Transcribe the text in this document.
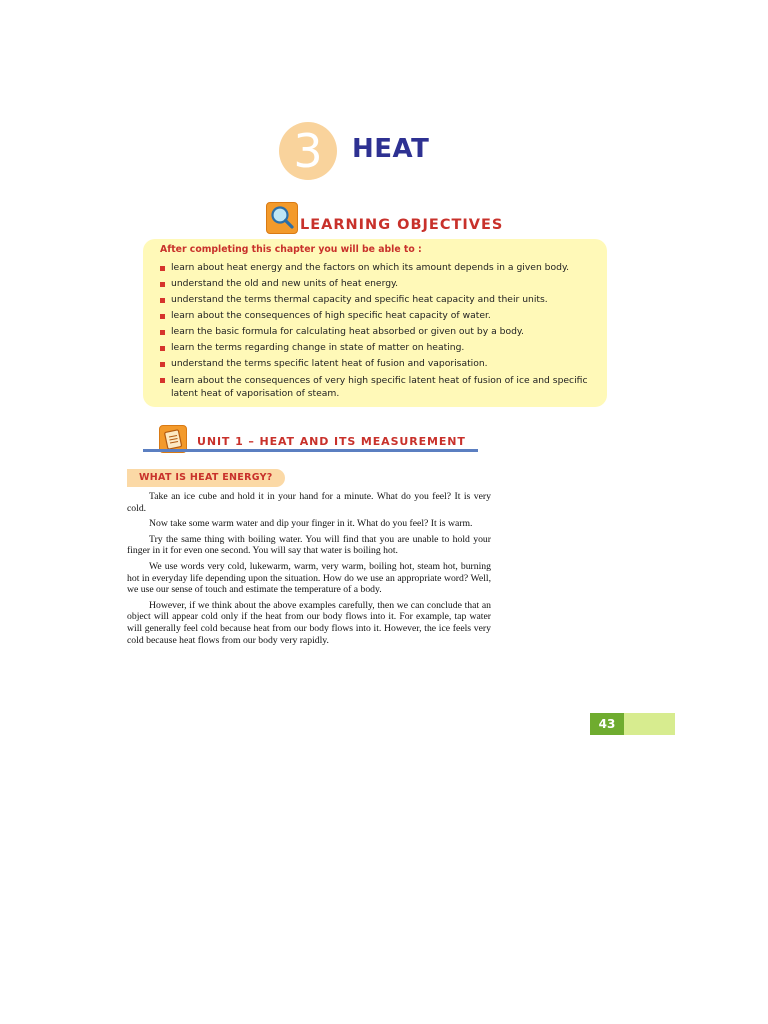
3	HEAT
LEARNING OBJECTIVES

After completing this chapter you will be able to :

learn about heat energy and the factors on which its amount depends in a given body.
understand the old and new units of heat energy.
understand the terms thermal capacity and specific heat capacity and their units.
learn about the consequences of high specific heat capacity of water.
learn the basic formula for calculating heat absorbed or given out by a body.
learn the terms regarding change in state of matter on heating.
understand the terms specific latent heat of fusion and vaporisation.
learn about the consequences of very high specific latent heat of fusion of ice and specific latent heat of vaporisation of steam.
UNIT 1 – HEAT AND ITS MEASUREMENT
WHAT IS HEAT ENERGY?

Take an ice cube and hold it in your hand for a minute. What do you feel? It is very cold.

Now take some warm water and dip your finger in it. What do you feel? It is warm.

Try the same thing with boiling water. You will find that you are unable to hold your finger in it for even one second. You will say that water is boiling hot.

We use words very cold, lukewarm, warm, very warm, boiling hot, steam hot, burning hot in everyday life depending upon the situation. How do we use an appropriate word? Well, we use our sense of touch and estimate the temperature of a body.

However, if we think about the above examples carefully, then we can conclude that an object will appear cold only if the heat from our body flows into it. For example, tap water will generally feel cold because heat from our body flows into it. However, the ice feels very cold because heat flows from our body very rapidly.

43
